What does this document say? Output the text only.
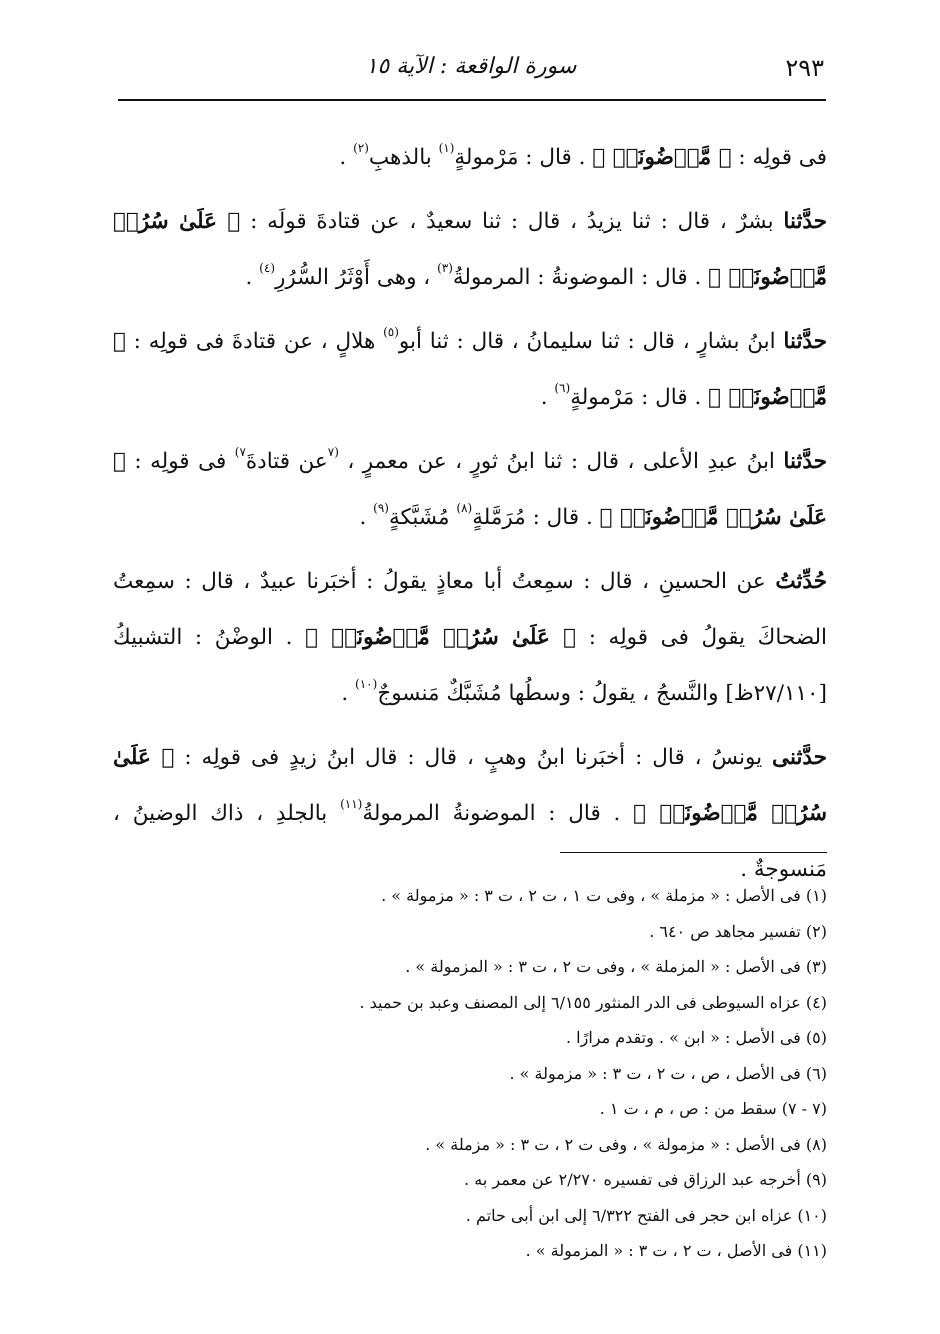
٢٩٣
سورة الواقعة : الآية ١٥

فى قولِه : ﴿ مَّوۡضُونَةٖ ﴾ . قال : مَرْمولةٍ$^{(١)}$ بالذهبِ$^{(٢)}$ .

حدَّثنا بشرٌ ، قال : ثنا يزيدُ ، قال : ثنا سعيدٌ ، عن قتادةَ قولَه : ﴿ عَلَىٰ سُرُرٖ مَّوۡضُونَةٖ ﴾ . قال : الموضونةُ : المرمولةُ$^{(٣)}$ ، وهى أَوْثَرُ السُّرُرِ$^{(٤)}$ .

حدَّثنا ابنُ بشارٍ ، قال : ثنا سليمانُ ، قال : ثنا أبو$^{(٥)}$ هلالٍ ، عن قتادةَ فى قولِه : ﴿ مَّوۡضُونَةٖ ﴾ . قال : مَرْمولةٍ$^{(٦)}$ .

حدَّثنا ابنُ عبدِ الأعلى ، قال : ثنا ابنُ ثورٍ ، عن معمرٍ ، $^{(٧}$عن قتادةَ$^{٧)}$ فى قولِه : ﴿ عَلَىٰ سُرُرٖ مَّوۡضُونَةٖ ﴾ . قال : مُرَمَّلةٍ$^{(٨)}$ مُشَبَّكةٍ$^{(٩)}$ .

حُدِّثتُ عن الحسينِ ، قال : سمِعتُ أبا معاذٍ يقولُ : أخبَرنا عبيدٌ ، قال : سمِعتُ الضحاكَ يقولُ فى قولِه : ﴿ عَلَىٰ سُرُرٖ مَّوۡضُونَةٖ ﴾ . الوضْنُ : التشبيكُ [٢٧/١١٠ظ] والنَّسجُ ، يقولُ : وسطُها مُشَبَّكٌ مَنسوجٌ$^{(١٠)}$ .

حدَّثنى يونسُ ، قال : أخبَرنا ابنُ وهبٍ ، قال : قال ابنُ زيدٍ فى قولِه : ﴿ عَلَىٰ سُرُرٖ مَّوۡضُونَةٖ ﴾ . قال : الموضونةُ المرمولةُ$^{(١١)}$ بالجلدِ ، ذاك الوضينُ ، مَنسوجةٌ .

(١) فى الأصل : « مزملة » ، وفى ت ١ ، ت ٢ ، ت ٣ : « مزمولة » .
(٢) تفسير مجاهد ص ٦٤٠ .
(٣) فى الأصل : « المزملة » ، وفى ت ٢ ، ت ٣ : « المزمولة » .
(٤) عزاه السيوطى فى الدر المنثور ٦/١٥٥ إلى المصنف وعبد بن حميد .
(٥) فى الأصل : « ابن » . وتقدم مرارًا .
(٦) فى الأصل ، ص ، ت ٢ ، ت ٣ : « مزمولة » .
(٧ - ٧) سقط من : ص ، م ، ت ١ .
(٨) فى الأصل : « مزمولة » ، وفى ت ٢ ، ت ٣ : « مزملة » .
(٩) أخرجه عبد الرزاق فى تفسيره ٢/٢٧٠ عن معمر به .
(١٠) عزاه ابن حجر فى الفتح ٦/٣٢٢ إلى ابن أبى حاتم .
(١١) فى الأصل ، ت ٢ ، ت ٣ : « المزمولة » .
